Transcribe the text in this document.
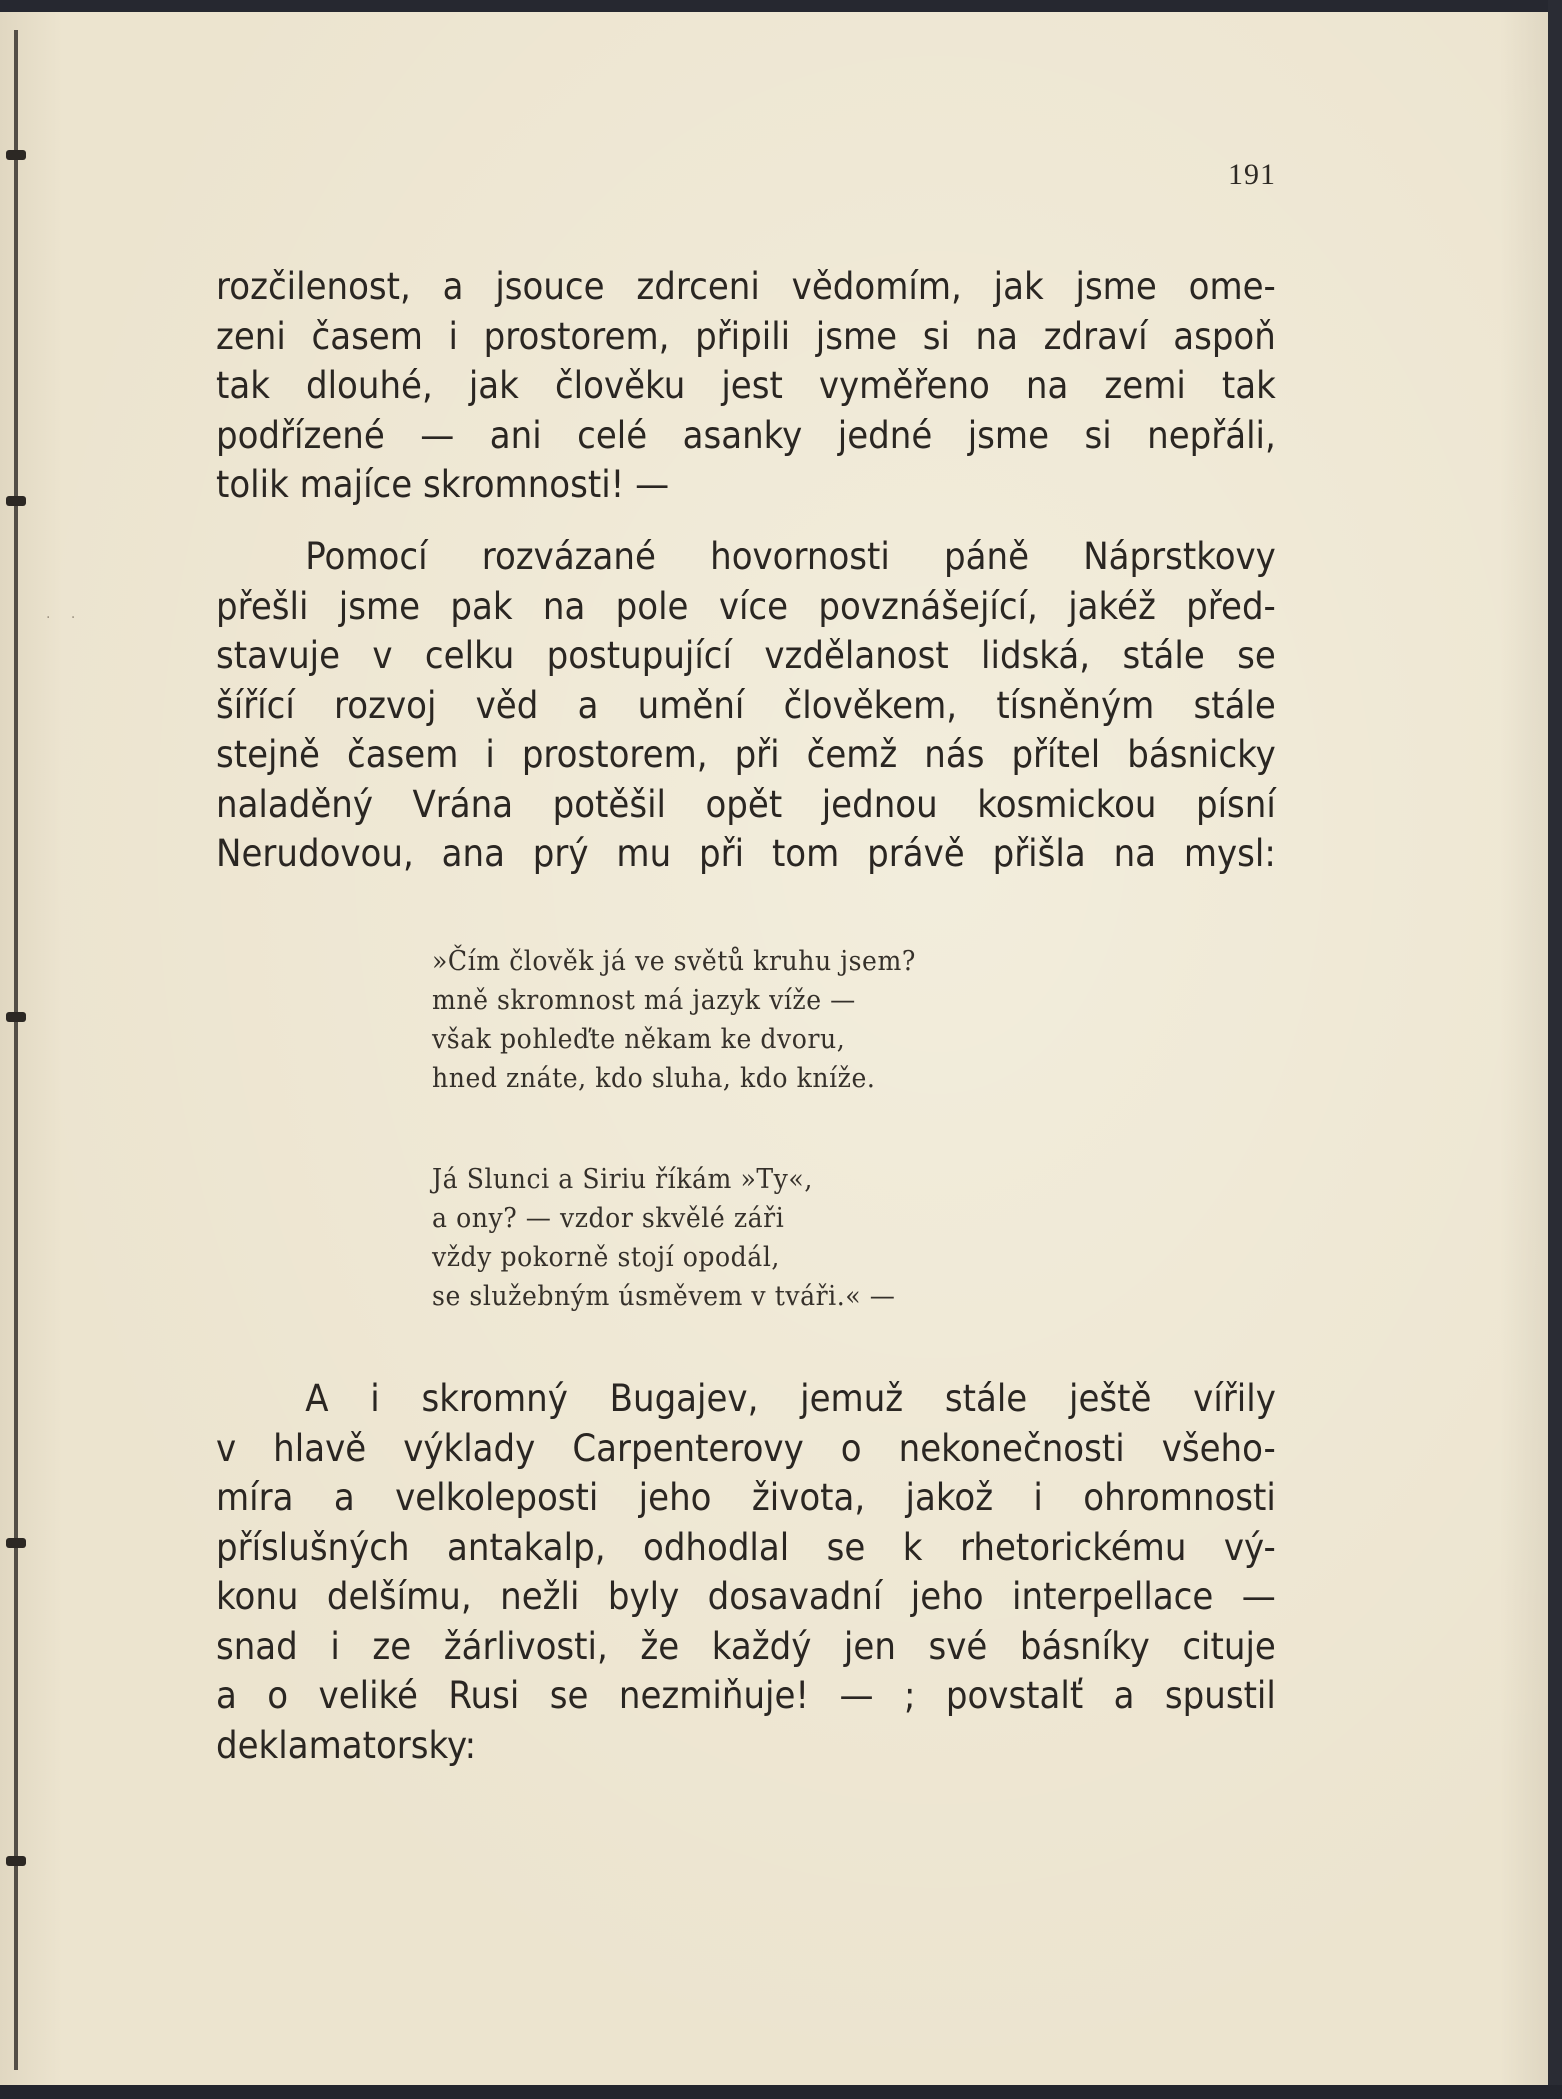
· ·
191
rozčilenost, a jsouce zdrceni vědomím, jak jsme ome-
zeni časem i prostorem, připili jsme si na zdraví aspoň
tak dlouhé, jak člověku jest vyměřeno na zemi tak
podřízené — ani celé asanky jedné jsme si nepřáli,
tolik majíce skromnosti! —
Pomocí rozvázané hovornosti páně Náprstkovy
přešli jsme pak na pole více povznášející, jakéž před-
stavuje v celku postupující vzdělanost lidská, stále se
šířící rozvoj věd a umění člověkem, tísněným stále
stejně časem i prostorem, při čemž nás přítel básnicky
naladěný Vrána potěšil opět jednou kosmickou písní
Nerudovou, ana prý mu při tom právě přišla na mysl:
»Čím člověk já ve světů kruhu jsem?
mně skromnost má jazyk víže —
však pohleďte někam ke dvoru,
hned znáte, kdo sluha, kdo kníže.
Já Slunci a Siriu říkám »Ty«,
a ony? — vzdor skvělé záři
vždy pokorně stojí opodál,
se služebným úsměvem v tváři.« —
A i skromný Bugajev, jemuž stále ještě vířily
v hlavě výklady Carpenterovy o nekonečnosti všeho-
míra a velkoleposti jeho života, jakož i ohromnosti
příslušných antakalp, odhodlal se k rhetorickému vý-
konu delšímu, nežli byly dosavadní jeho interpellace —
snad i ze žárlivosti, že každý jen své básníky cituje
a o veliké Rusi se nezmiňuje! — ; povstalť a spustil
deklamatorsky:
